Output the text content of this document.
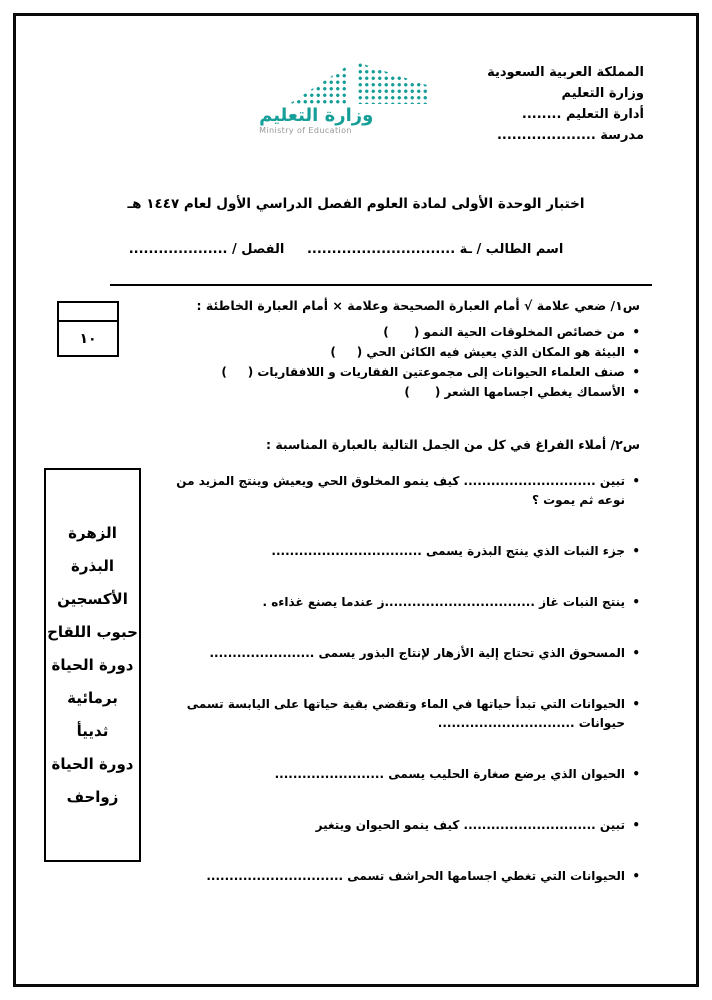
المملكة العربية السعودية
وزارة التعليم
أدارة التعليم ........
مدرسة ....................
وزارة التعليم
Ministry of Education
اختبار الوحدة الأولى لمادة العلوم الفصل الدراسي الأول لعام ١٤٤٧ هـ
اسم الطالب / ـة ..............................     الفصل / ....................
١٠
س١/ ضعي علامة √ أمام العبارة الصحيحة وعلامة × أمام العبارة الخاطئة :
• من خصائص المخلوقات الحية النمو (      )
• البيئة هو المكان الذي يعيش فيه الكائن الحي (     )
• صنف العلماء الحيوانات إلى مجموعتين الفقاريات و اللافقاريات (     )
• الأسماك يغطي اجسامها الشعر (      )
س٢/ أملاء الفراغ في كل من الجمل التالية بالعبارة المناسبة :
• تبين ............................. كيف ينمو المخلوق الحي ويعيش وينتج المزيد من نوعه ثم يموت ؟
• جزء النبات الذي ينتج البذرة يسمى .................................
• ينتج النبات غاز .................................ز عندما يصنع غذاءه .
• المسحوق الذي تحتاج إلية الأزهار لإنتاج البذور يسمى .......................
• الحيوانات التي تبدأ حياتها في الماء وتقضي بقية حياتها على اليابسة تسمى حيوانات ..............................
• الحيوان الذي يرضع صغارة الحليب يسمى ........................
• تبين ............................. كيف ينمو الحيوان ويتغير
• الحيوانات التي تغطي اجسامها الحراشف تسمى ..............................
الزهرة
البذرة
الأكسجين
حبوب اللقاح
دورة الحياة
برمائية
ثدييأ
دورة الحياة
زواحف
